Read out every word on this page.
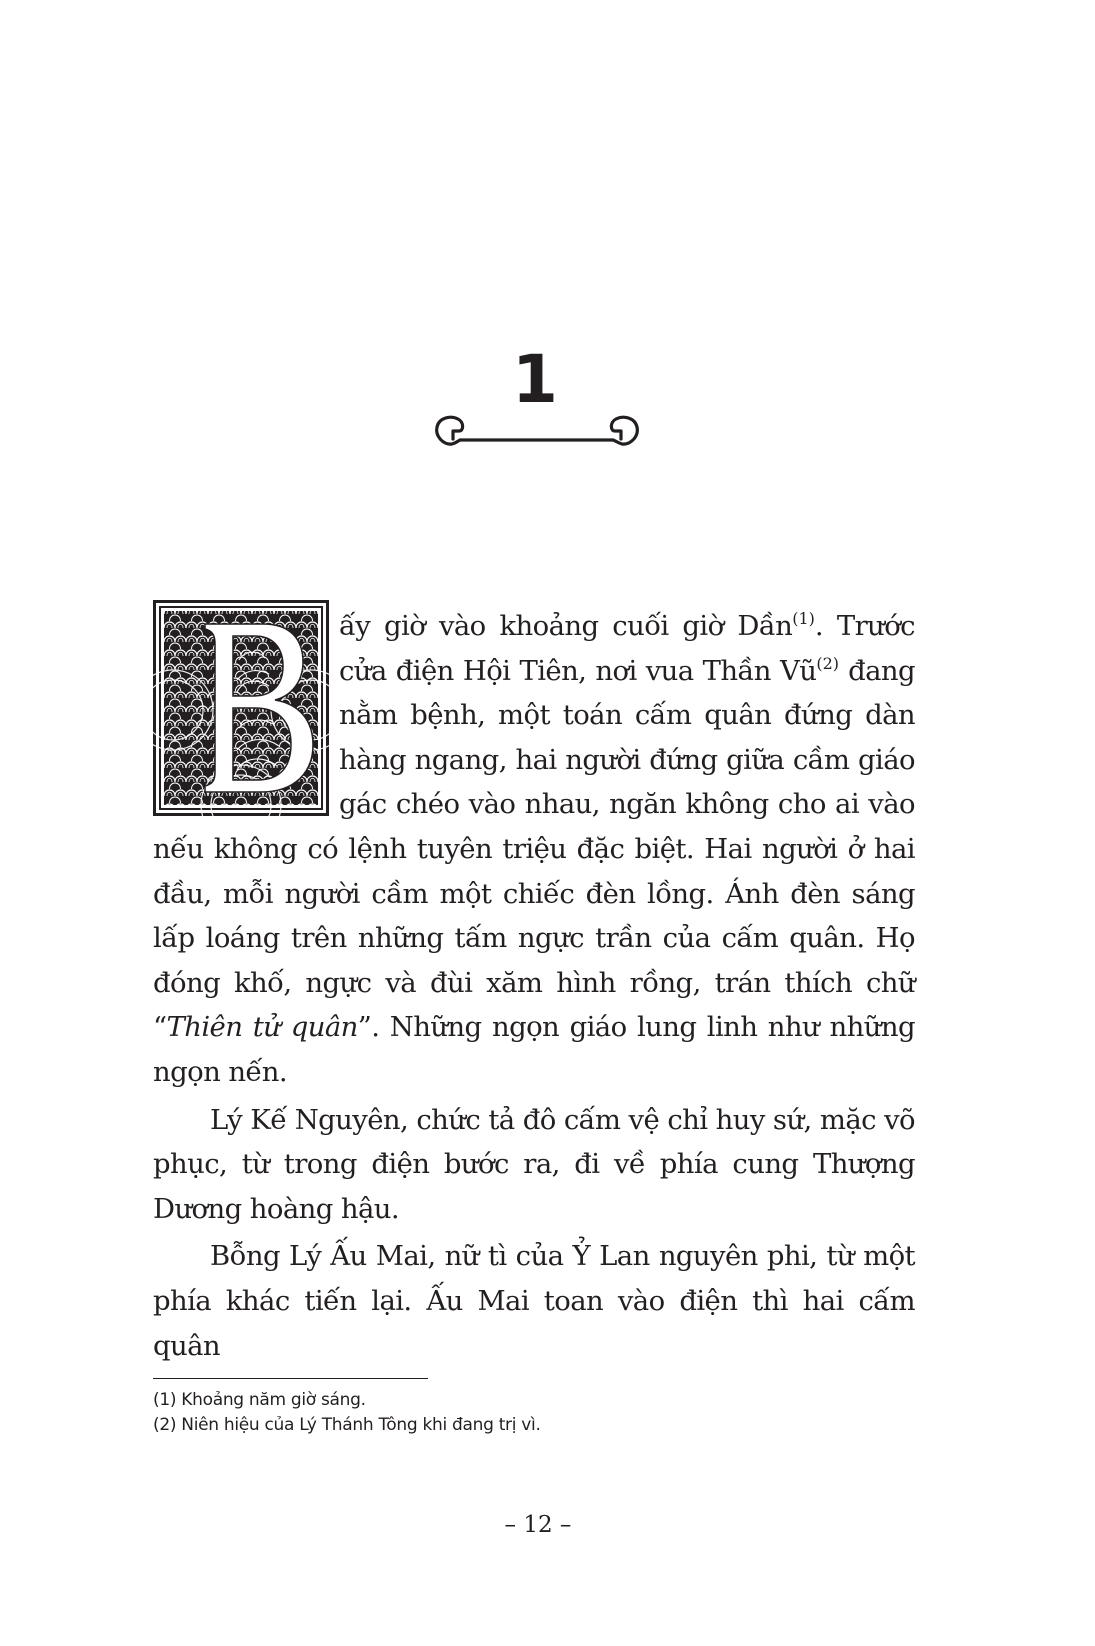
1

ấy giờ vào khoảng cuối giờ Dần$^{(1)}$. Trước cửa điện Hội Tiên, nơi vua Thần $Vũ^{(2)}$ đang nằm bệnh, một toán cấm quân đứng dàn hàng ngang, hai người đứng giữa cầm giáo gác chéo vào nhau, ngăn không cho ai vào nếu không có lệnh tuyên triệu đặc biệt. Hai người ở hai đầu, mỗi người cầm một chiếc đèn lồng. Ánh đèn sáng lấp loáng trên những tấm ngực trần của cấm quân. Họ đóng khố, ngực và đùi xăm hình rồng, trán thích chữ “Thiên tử quân”. Những ngọn giáo lung linh như những ngọn nến.

Lý Kế Nguyên, chức tả đô cấm vệ chỉ huy sứ, mặc võ phục, từ trong điện bước ra, đi về phía cung Thượng Dương hoàng hậu.

Bỗng Lý Ấu Mai, nữ tì của Ỷ Lan nguyên phi, từ một phía khác tiến lại. Ấu Mai toan vào điện thì hai cấm quân

(1) Khoảng năm giờ sáng.
(2) Niên hiệu của Lý Thánh Tông khi đang trị vì.
– 12 –
